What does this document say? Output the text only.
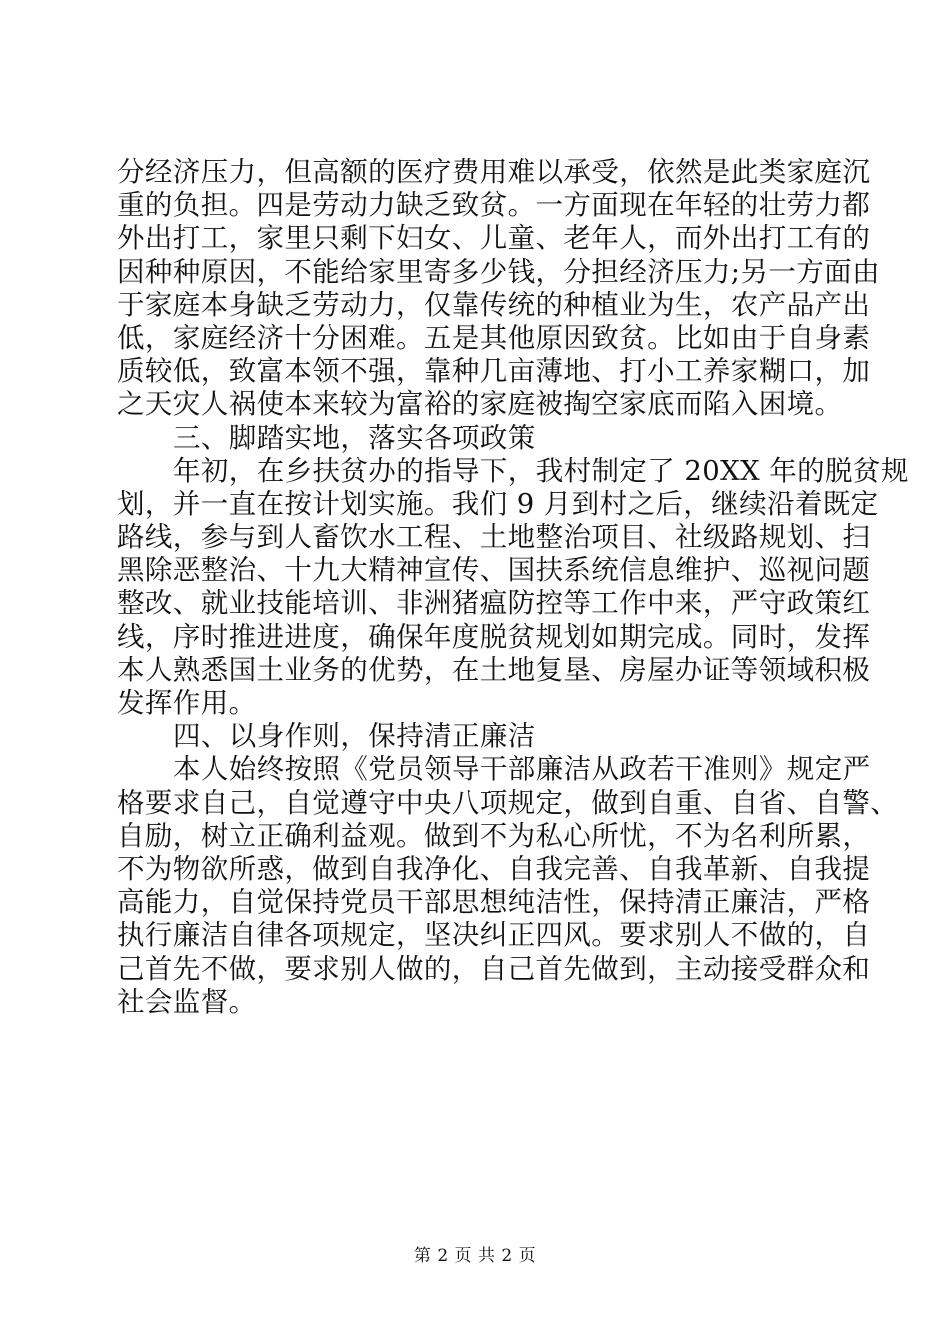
分经济压力，但高额的医疗费用难以承受，依然是此类家庭沉
重的负担。四是劳动力缺乏致贫。一方面现在年轻的壮劳力都
外出打工，家里只剩下妇女、儿童、老年人，而外出打工有的
因种种原因，不能给家里寄多少钱，分担经济压力;另一方面由
于家庭本身缺乏劳动力，仅靠传统的种植业为生，农产品产出
低，家庭经济十分困难。五是其他原因致贫。比如由于自身素
质较低，致富本领不强，靠种几亩薄地、打小工养家糊口，加
之天灾人祸使本来较为富裕的家庭被掏空家底而陷入困境。
三、脚踏实地，落实各项政策
年初，在乡扶贫办的指导下，我村制定了 20XX 年的脱贫规
划，并一直在按计划实施。我们 9 月到村之后，继续沿着既定
路线，参与到人畜饮水工程、土地整治项目、社级路规划、扫
黑除恶整治、十九大精神宣传、国扶系统信息维护、巡视问题
整改、就业技能培训、非洲猪瘟防控等工作中来，严守政策红
线，序时推进进度，确保年度脱贫规划如期完成。同时，发挥
本人熟悉国土业务的优势，在土地复垦、房屋办证等领域积极
发挥作用。
四、以身作则，保持清正廉洁
本人始终按照《党员领导干部廉洁从政若干准则》规定严
格要求自己，自觉遵守中央八项规定，做到自重、自省、自警、
自励，树立正确利益观。做到不为私心所忧，不为名利所累，
不为物欲所惑，做到自我净化、自我完善、自我革新、自我提
高能力，自觉保持党员干部思想纯洁性，保持清正廉洁，严格
执行廉洁自律各项规定，坚决纠正四风。要求别人不做的，自
己首先不做，要求别人做的，自己首先做到，主动接受群众和
社会监督。
第 2 页 共 2 页
